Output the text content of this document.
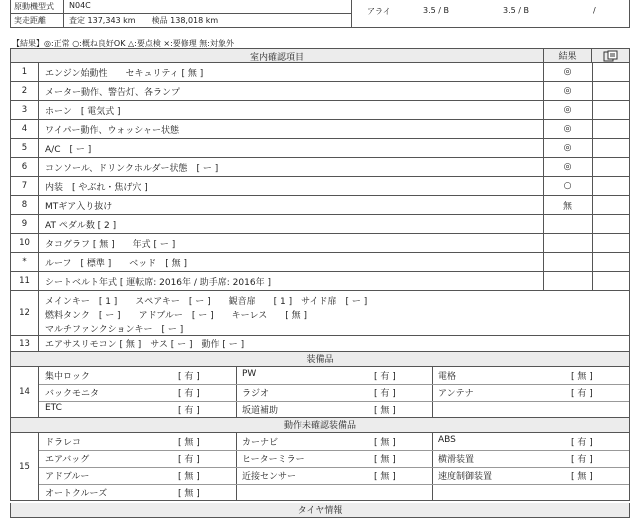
原動機型式 N04C
実走距離	査定 137,343 km　　検品 138,018 km
アライ	3.5 / B	3.5 / B	/
【結果】◎:正常 ○:概ね良好OK △:要点検 ×:要修理 無:対象外
室内確認項目	結果
1	エンジン始動性　　セキュリティ [ 無 ]	◎
2	メーター動作、警告灯、各ランプ	◎
3	ホーン　[ 電気式 ]	◎
4	ワイパー動作、ウォッシャー状態	◎
5	A/C　[ ー ]	◎
6	コンソール、ドリンクホルダー状態　[ ー ]	◎
7	内装　[ やぶれ・焦げ穴 ]	○
8	MTギア入り抜け	無
9	AT ペダル数 [ 2 ]
10	タコグラフ [ 無 ]　　年式 [ ー ]
*	ルーフ　[ 標準 ]　　ベッド　[ 無 ]
11	シートベルト年式 [ 運転席: 2016年 / 助手席: 2016年 ]
12
メインキー　[ 1 ]　　スペアキー　[ ー ]　　観音扉　　[ 1 ]　サイド扉　[ ー ]
燃料タンク　[ ー ]　　アドブルー　[ ー ]　　キーレス　　[ 無 ]
マルチファンクションキー　[ ー ]
13	エアサスリモコン [ 無 ]　サス [ ー ]　動作 [ ー ]
装備品
14
集中ロック	[ 有 ]	PW	[ 有 ]	電格	[ 無 ]
バックモニタ	[ 有 ]	ラジオ	[ 有 ]	アンテナ	[ 有 ]
ETC	[ 有 ]	坂道補助	[ 無 ]
動作未確認装備品
15
ドラレコ	[ 無 ]	カーナビ	[ 無 ]	ABS	[ 有 ]
エアバッグ	[ 有 ]	ヒーターミラー	[ 無 ]	横滑装置	[ 有 ]
アドブルー	[ 無 ]	近接センサー	[ 無 ]	速度制御装置	[ 無 ]
オートクルーズ	[ 無 ]
タイヤ情報
